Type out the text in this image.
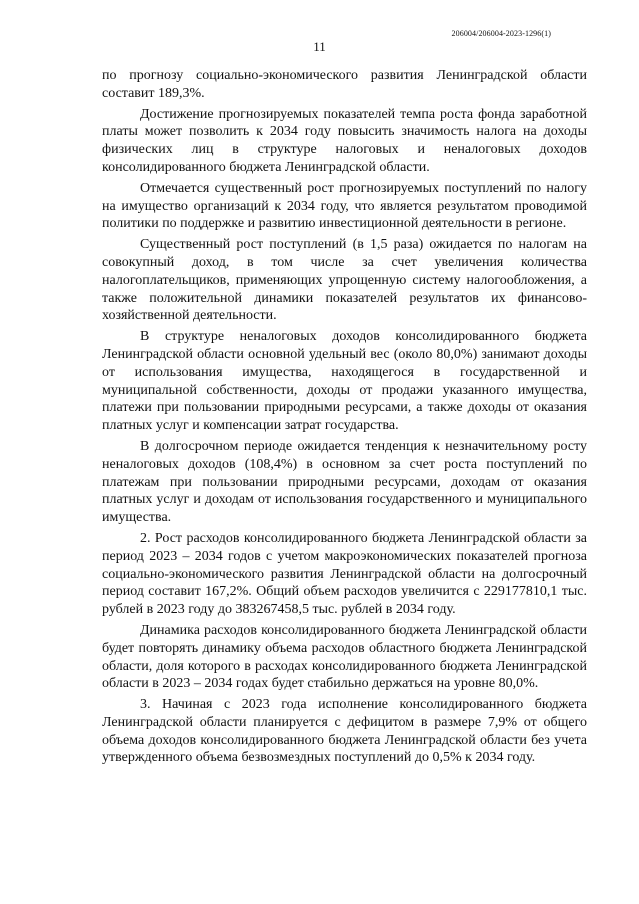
206004/206004-2023-1296(1)
11

по прогнозу социально-экономического развития Ленинградской области составит 189,3%.

Достижение прогнозируемых показателей темпа роста фонда заработной платы может позволить к 2034 году повысить значимость налога на доходы физических лиц в структуре налоговых и неналоговых доходов консолидированного бюджета Ленинградской области.

Отмечается существенный рост прогнозируемых поступлений по налогу на имущество организаций к 2034 году, что является результатом проводимой политики по поддержке и развитию инвестиционной деятельности в регионе.

Существенный рост поступлений (в 1,5 раза) ожидается по налогам на совокупный доход, в том числе за счет увеличения количества налогоплательщиков, применяющих упрощенную систему налогообложения, а также положительной динамики показателей результатов их финансово-хозяйственной деятельности.

В структуре неналоговых доходов консолидированного бюджета Ленинградской области основной удельный вес (около 80,0%) занимают доходы от использования имущества, находящегося в государственной и муниципальной собственности, доходы от продажи указанного имущества, платежи при пользовании природными ресурсами, а также доходы от оказания платных услуг и компенсации затрат государства.

В долгосрочном периоде ожидается тенденция к незначительному росту неналоговых доходов (108,4%) в основном за счет роста поступлений по платежам при пользовании природными ресурсами, доходам от оказания платных услуг и доходам от использования государственного и муниципального имущества.

2. Рост расходов консолидированного бюджета Ленинградской области за период 2023 – 2034 годов с учетом макроэкономических показателей прогноза социально-экономического развития Ленинградской области на долгосрочный период составит 167,2%. Общий объем расходов увеличится с 229177810,1 тыс. рублей в 2023 году до 383267458,5 тыс. рублей в 2034 году.

Динамика расходов консолидированного бюджета Ленинградской области будет повторять динамику объема расходов областного бюджета Ленинградской области, доля которого в расходах консолидированного бюджета Ленинградской области в 2023 – 2034 годах будет стабильно держаться на уровне 80,0%.

3. Начиная с 2023 года исполнение консолидированного бюджета Ленинградской области планируется с дефицитом в размере 7,9% от общего объема доходов консолидированного бюджета Ленинградской области без учета утвержденного объема безвозмездных поступлений до 0,5% к 2034 году.
